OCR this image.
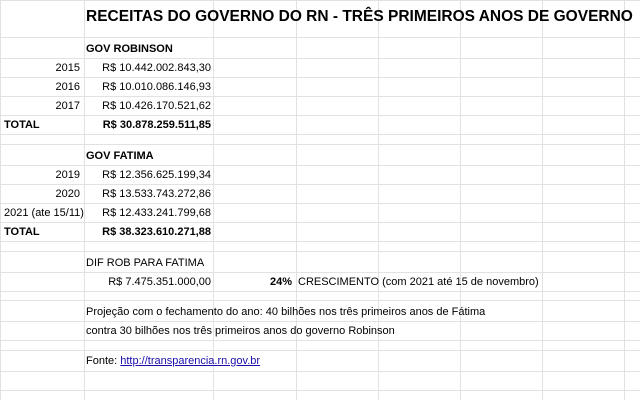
RECEITAS DO GOVERNO DO RN - TRÊS PRIMEIROS ANOS DE GOVERNO
GOV ROBINSON
2015	R$ 10.442.002.843,30
2016	R$ 10.010.086.146,93
2017	R$ 10.426.170.521,62
TOTAL	R$ 30.878.259.511,85
GOV FATIMA
2019	R$ 12.356.625.199,34
2020	R$ 13.533.743.272,86
2021 (ate 15/11)	R$ 12.433.241.799,68
TOTAL	R$ 38.323.610.271,88
DIF ROB PARA FATIMA
R$ 7.475.351.000,00	24% CRESCIMENTO (com 2021 até 15 de novembro)
Projeção com o fechamento do ano: 40 bilhões nos três primeiros anos de Fátima
contra 30 bilhões nos três primeiros anos do governo Robinson
Fonte: http://transparencia.rn.gov.br
